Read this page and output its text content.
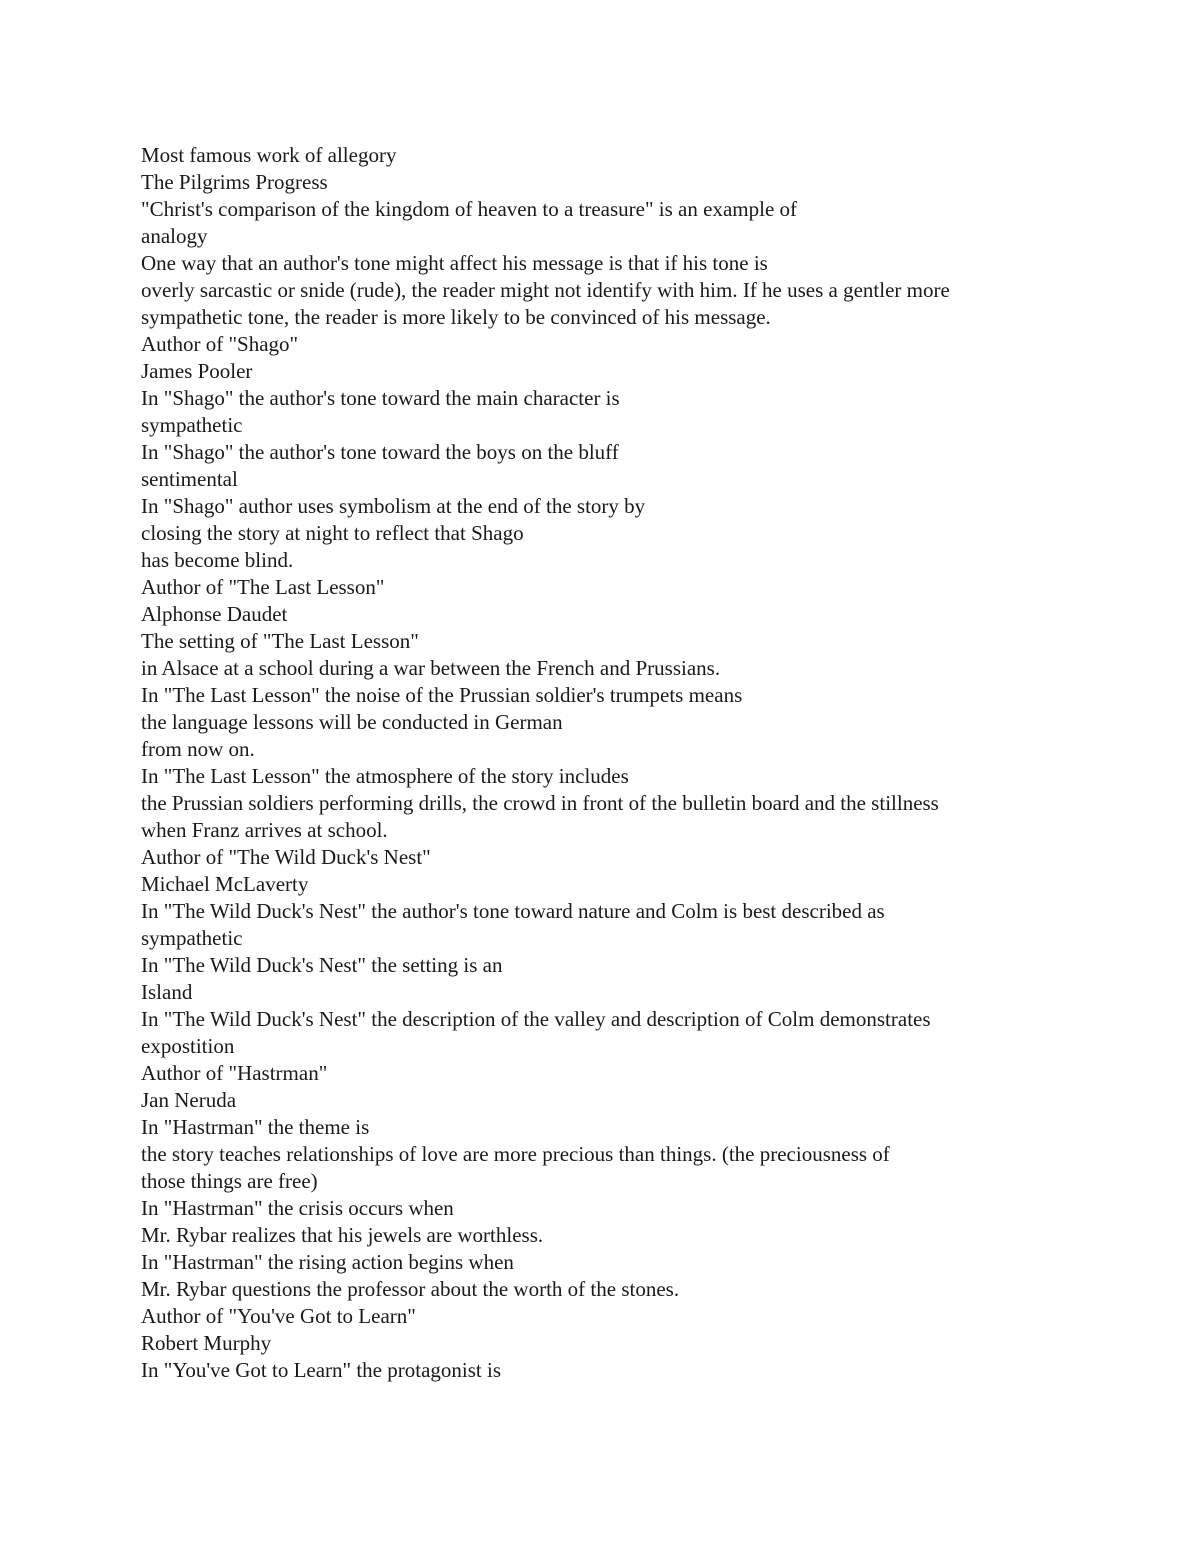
Most famous work of allegory
The Pilgrims Progress
"Christ's comparison of the kingdom of heaven to a treasure" is an example of
analogy
One way that an author's tone might affect his message is that if his tone is
overly sarcastic or snide (rude), the reader might not identify with him. If he uses a gentler more
sympathetic tone, the reader is more likely to be convinced of his message.
Author of "Shago"
James Pooler
In "Shago" the author's tone toward the main character is
sympathetic
In "Shago" the author's tone toward the boys on the bluff
sentimental
In "Shago" author uses symbolism at the end of the story by
closing the story at night to reflect that Shago
has become blind.
Author of "The Last Lesson"
Alphonse Daudet
The setting of "The Last Lesson"
in Alsace at a school during a war between the French and Prussians.
In "The Last Lesson" the noise of the Prussian soldier's trumpets means
the language lessons will be conducted in German
from now on.
In "The Last Lesson" the atmosphere of the story includes
the Prussian soldiers performing drills, the crowd in front of the bulletin board and the stillness
when Franz arrives at school.
Author of "The Wild Duck's Nest"
Michael McLaverty
In "The Wild Duck's Nest" the author's tone toward nature and Colm is best described as
sympathetic
In "The Wild Duck's Nest" the setting is an
Island
In "The Wild Duck's Nest" the description of the valley and description of Colm demonstrates
expostition
Author of "Hastrman"
Jan Neruda
In "Hastrman" the theme is
the story teaches relationships of love are more precious than things. (the preciousness of
those things are free)
In "Hastrman" the crisis occurs when
Mr. Rybar realizes that his jewels are worthless.
In "Hastrman" the rising action begins when
Mr. Rybar questions the professor about the worth of the stones.
Author of "You've Got to Learn"
Robert Murphy
In "You've Got to Learn" the protagonist is
